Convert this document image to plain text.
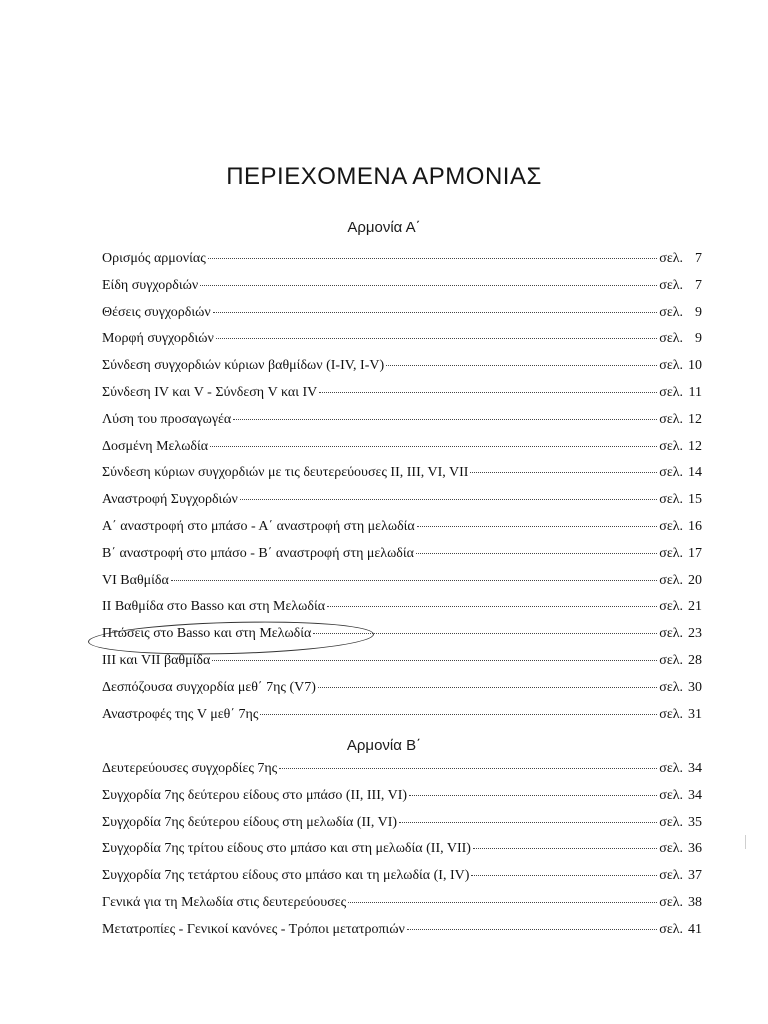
ΠΕΡΙΕΧΟΜΕΝΑ ΑΡΜΟΝΙΑΣ
Αρμονία Α΄
Αρμονία Β΄
Ορισμός αρμονίας	σελ. 7
Είδη συγχορδιών	σελ. 7
Θέσεις συγχορδιών	σελ. 9
Μορφή συγχορδιών	σελ. 9
Σύνδεση συγχορδιών κύριων βαθμίδων (I-IV, I-V)	σελ. 10
Σύνδεση IV και V - Σύνδεση V και IV	σελ. 11
Λύση του προσαγωγέα	σελ. 12
Δοσμένη Μελωδία	σελ. 12
Σύνδεση κύριων συγχορδιών με τις δευτερεύουσες II, III, VI, VII	σελ. 14
Αναστροφή Συγχορδιών	σελ. 15
Α΄ αναστροφή στο μπάσο - Α΄ αναστροφή στη μελωδία	σελ. 16
Β΄ αναστροφή στο μπάσο - Β΄ αναστροφή στη μελωδία	σελ. 17
VI Βαθμίδα	σελ. 20
II Βαθμίδα στο Basso και στη Μελωδία	σελ. 21
Πτώσεις στο Basso και στη Μελωδία	σελ. 23
III και VII βαθμίδα	σελ. 28
Δεσπόζουσα συγχορδία μεθ΄ 7ης (V7)	σελ. 30
Αναστροφές της V μεθ΄ 7ης	σελ. 31
Δευτερεύουσες συγχορδίες 7ης	σελ. 34
Συγχορδία 7ης δεύτερου είδους στο μπάσο (II, III, VI)	σελ. 34
Συγχορδία 7ης δεύτερου είδους στη μελωδία (II, VI)	σελ. 35
Συγχορδία 7ης τρίτου είδους στο μπάσο και στη μελωδία (II, VII)	σελ. 36
Συγχορδία 7ης τετάρτου είδους στο μπάσο και τη μελωδία (I, IV)	σελ. 37
Γενικά για τη Μελωδία στις δευτερεύουσες	σελ. 38
Μετατροπίες - Γενικοί κανόνες - Τρόποι μετατροπιών	σελ. 41
